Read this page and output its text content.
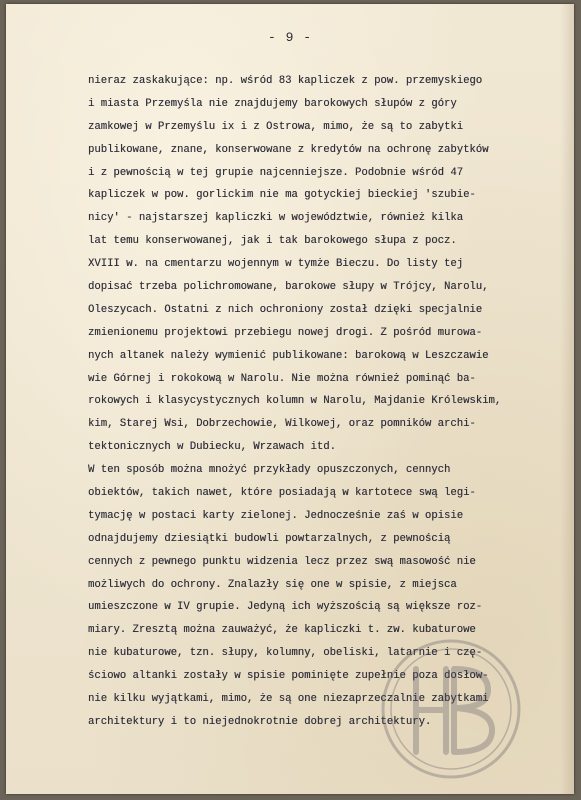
- 9 -
nieraz zaskakujące: np. wśród 83 kapliczek z pow. przemyskiego
i miasta Przemyśla nie znajdujemy barokowych słupów z góry
zamkowej w Przemyślu ix i z Ostrowa, mimo, że są to zabytki
publikowane, znane, konserwowane z kredytów na ochronę zabytków
i z pewnością w tej grupie najcenniejsze. Podobnie wśród 47
kapliczek w pow. gorlickim nie ma gotyckiej bieckiej 'szubie-
nicy' - najstarszej kapliczki w województwie, również kilka
lat temu konserwowanej, jak i tak barokowego słupa z pocz.
XVIII w. na cmentarzu wojennym w tymże Bieczu. Do listy tej
dopisać trzeba polichromowane, barokowe słupy w Trójcy, Narolu,
Oleszycach. Ostatni z nich ochroniony został dzięki specjalnie
zmienionemu projektowi przebiegu nowej drogi. Z pośród murowa-
nych altanek należy wymienić publikowane: barokową w Leszczawie
wie Górnej i rokokową w Narolu. Nie można również pominąć ba-
rokowych i klasycystycznych kolumn w Narolu, Majdanie Królewskim,
kim, Starej Wsi, Dobrzechowie, Wilkowej, oraz pomników archi-
tektonicznych w Dubiecku, Wrzawach itd.
W ten sposób można mnożyć przykłady opuszczonych, cennych
obiektów, takich nawet, które posiadają w kartotece swą legi-
tymację w postaci karty zielonej. Jednocześnie zaś w opisie
odnajdujemy dziesiątki budowli powtarzalnych, z pewnością
cennych z pewnego punktu widzenia lecz przez swą masowość nie
możliwych do ochrony. Znalazły się one w spisie, z miejsca
umieszczone w IV grupie. Jedyną ich wyższością są większe roz-
miary. Zresztą można zauważyć, że kapliczki t. zw. kubaturowe
nie kubaturowe, tzn. słupy, kolumny, obeliski, latarnie i czę-
ściowo altanki zostały w spisie pominięte zupełnie poza dosłow-
nie kilku wyjątkami, mimo, że są one niezaprzeczalnie zabytkami
architektury i to niejednokrotnie dobrej architektury.
